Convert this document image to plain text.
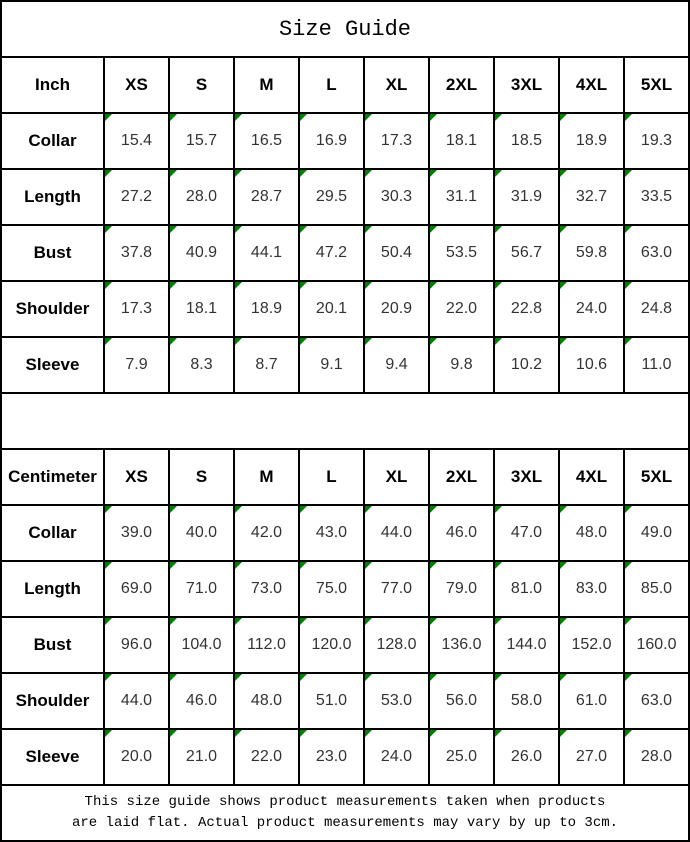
Size Guide
Inch	XS	S	M	L	XL 2XL 3XL 4XL 5XL
Collar	15.4 15.7 16.5 16.9 17.3 18.1 18.5 18.9 19.3
Length	27.2 28.0 28.7 29.5 30.3 31.1 31.9 32.7 33.5
Bust	37.8 40.9 44.1 47.2 50.4 53.5 56.7 59.8 63.0
Shoulder 17.3 18.1 18.9 20.1 20.9 22.0 22.8 24.0 24.8
Sleeve	7.9	8.3	8.7	9.1	9.4	9.8 10.2 10.6 11.0
Centimeter XS	S	M	L	XL 2XL 3XL 4XL 5XL
Collar	39.0 40.0 42.0 43.0 44.0 46.0 47.0 48.0 49.0
Length	69.0 71.0 73.0 75.0 77.0 79.0 81.0 83.0 85.0
Bust	96.0 104.0 112.0 120.0 128.0 136.0 144.0 152.0 160.0
Shoulder 44.0 46.0 48.0 51.0 53.0 56.0 58.0 61.0 63.0
Sleeve	20.0 21.0 22.0 23.0 24.0 25.0 26.0 27.0 28.0
This size guide shows product measurements taken when products
are laid flat. Actual product measurements may vary by up to 3cm.
